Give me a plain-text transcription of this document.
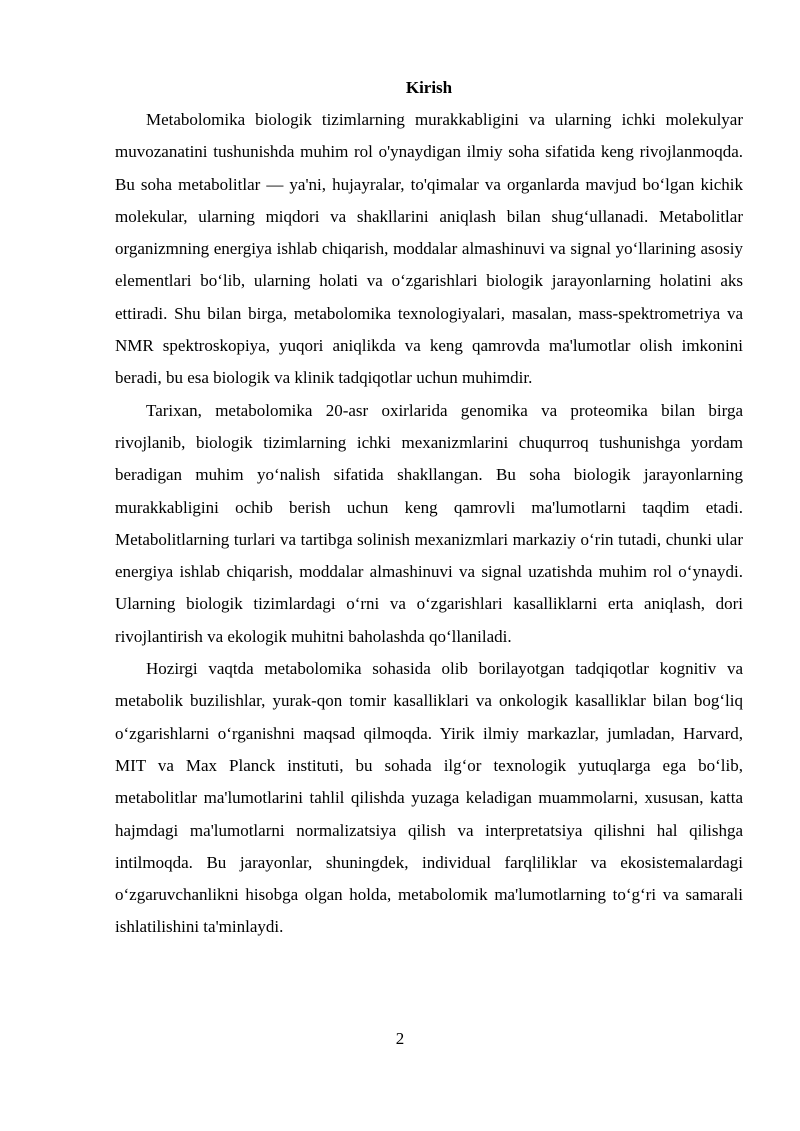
Kirish

Metabolomika biologik tizimlarning murakkabligini va ularning ichki molekulyar muvozanatini tushunishda muhim rol o'ynaydigan ilmiy soha sifatida keng rivojlanmoqda. Bu soha metabolitlar — ya'ni, hujayralar, to'qimalar va organlarda mavjud bo‘lgan kichik molekular, ularning miqdori va shakllarini aniqlash bilan shug‘ullanadi. Metabolitlar organizmning energiya ishlab chiqarish, moddalar almashinuvi va signal yo‘llarining asosiy elementlari bo‘lib, ularning holati va o‘zgarishlari biologik jarayonlarning holatini aks ettiradi. Shu bilan birga, metabolomika texnologiyalari, masalan, mass-spektrometriya va NMR spektroskopiya, yuqori aniqlikda va keng qamrovda ma'lumotlar olish imkonini beradi, bu esa biologik va klinik tadqiqotlar uchun muhimdir.

Tarixan, metabolomika 20-asr oxirlarida genomika va proteomika bilan birga rivojlanib, biologik tizimlarning ichki mexanizmlarini chuqurroq tushunishga yordam beradigan muhim yo‘nalish sifatida shakllangan. Bu soha biologik jarayonlarning murakkabligini ochib berish uchun keng qamrovli ma'lumotlarni taqdim etadi. Metabolitlarning turlari va tartibga solinish mexanizmlari markaziy o‘rin tutadi, chunki ular energiya ishlab chiqarish, moddalar almashinuvi va signal uzatishda muhim rol o‘ynaydi. Ularning biologik tizimlardagi o‘rni va o‘zgarishlari kasalliklarni erta aniqlash, dori rivojlantirish va ekologik muhitni baholashda qo‘llaniladi.

Hozirgi vaqtda metabolomika sohasida olib borilayotgan tadqiqotlar kognitiv va metabolik buzilishlar, yurak-qon tomir kasalliklari va onkologik kasalliklar bilan bog‘liq o‘zgarishlarni o‘rganishni maqsad qilmoqda. Yirik ilmiy markazlar, jumladan, Harvard, MIT va Max Planck instituti, bu sohada ilg‘or texnologik yutuqlarga ega bo‘lib, metabolitlar ma'lumotlarini tahlil qilishda yuzaga keladigan muammolarni, xususan, katta hajmdagi ma'lumotlarni normalizatsiya qilish va interpretatsiya qilishni hal qilishga intilmoqda. Bu jarayonlar, shuningdek, individual farqliliklar va ekosistemalardagi o‘zgaruvchanlikni hisobga olgan holda, metabolomik ma'lumotlarning to‘g‘ri va samarali ishlatilishini ta'minlaydi.

2
